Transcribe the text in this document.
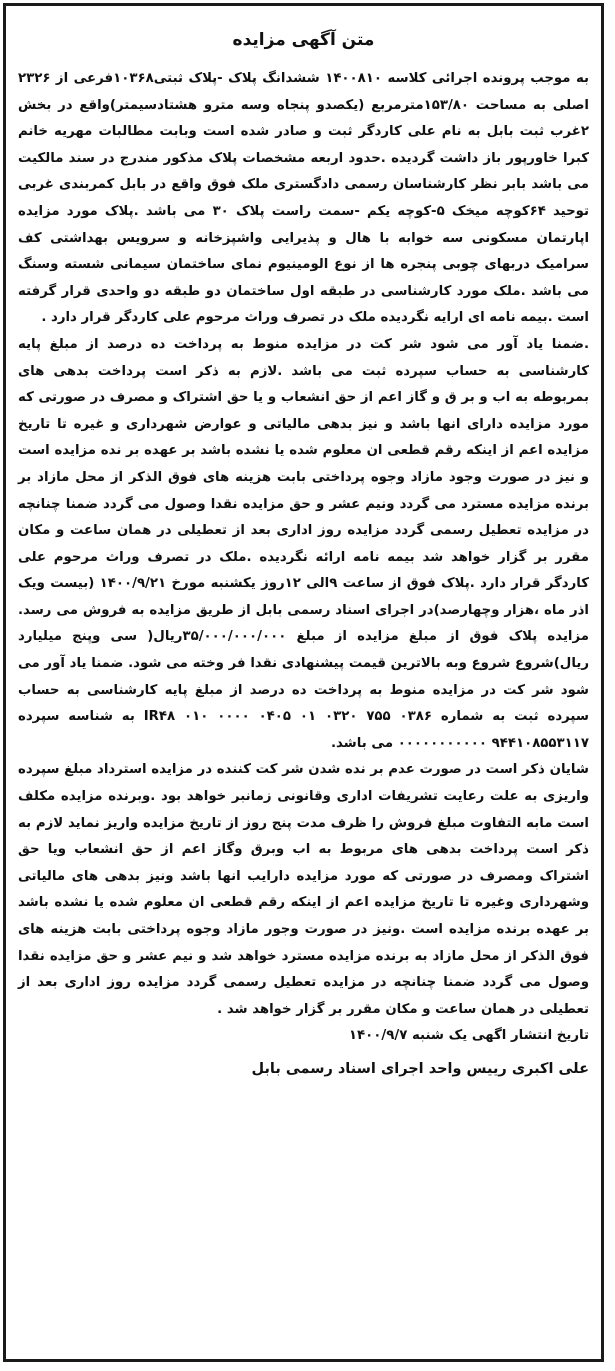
متن آگهی مزایده

به موجب پرونده اجرائی کلاسه ۱۴۰۰۸۱۰ ششدانگ پلاک ‑پلاک ثبتی۱۰۳۶۸فرعی از ۲۳۲۶ اصلی به مساحت ۱۵۳/۸۰مترمربع (یکصدو پنجاه وسه مترو هشتادسیمتر)واقع در بخش ۲غرب ثبت بابل به نام علی کاردگر ثبت و صادر شده است وبابت مطالبات مهریه خانم کبرا خاورپور باز داشت گردیده .حدود اربعه مشخصات پلاک مذکور مندرج در سند مالکیت می باشد بابر نظر کارشناسان رسمی دادگستری ملک فوق واقع در بابل کمربندی غربی توحید ۶۴کوچه میخک ۵-کوچه یکم -سمت راست پلاک ۳۰ می باشد .پلاک مورد مزایده اپارتمان مسکونی سه خوابه با هال و پذیرایی واشپزخانه و سرویس بهداشتی کف سرامیک دربهای چوبی پنجره ها از نوع الومینیوم نمای ساختمان سیمانی شسته وسنگ می باشد .ملک مورد کارشناسی در طبقه اول ساختمان دو طبقه دو واحدی قرار گرفته است .بیمه نامه ای ارایه نگردیده ملک در تصرف وراث مرحوم علی کاردگر قرار دارد .

.ضمنا یاد آور می شود شر کت در مزایده منوط به پرداخت ده درصد از مبلغ پایه کارشناسی به حساب سپرده ثبت می باشد .لازم به ذکر است پرداخت بدهی های بمربوطه به اب و بر ق و گاز اعم از حق انشعاب و یا حق اشتراک و مصرف در صورتی که مورد مزایده دارای انها باشد و نیز بدهی مالیاتی و عوارض شهرداری و غیره تا تاریخ مزایده اعم از اینکه رقم قطعی ان معلوم شده یا نشده باشد بر عهده بر نده مزایده است و نیز در صورت وجود مازاد وجوه پرداختی بابت هزینه های فوق الذکر از محل مازاد بر برنده مزایده مسترد می گردد ونیم عشر و حق مزایده نقدا وصول می گردد ضمنا چنانچه در مزایده تعطیل رسمی گردد مزایده روز اداری بعد از تعطیلی در همان ساعت و مکان مقرر بر گزار خواهد شد بیمه نامه ارائه نگردیده .ملک در تصرف وراث مرحوم علی کاردگر قرار دارد .پلاک فوق از ساعت ۹الی ۱۲روز یکشنبه مورخ ۱۴۰۰/۹/۲۱ (بیست ویک اذر ماه ،هزار وچهارصد)در اجرای اسناد رسمی بابل از طریق مزایده به فروش می رسد. مزایده پلاک فوق از مبلغ مزایده از مبلغ ۳۵/۰۰۰/۰۰۰/۰۰۰ریال( سی وپنج میلیارد ریال)شروع شروع وبه بالاترین قیمت پیشنهادی نقدا فر وخته می شود. ضمنا یاد آور می شود شر کت در مزایده منوط به پرداخت ده درصد از مبلغ پایه کارشناسی به حساب سپرده ثبت به شماره ۰۳۸۶ ۷۵۵ ۰۳۲۰ ۰۱ ۰۴۰۵ ۰۰۰۰ ۰۱۰ IR۴۸ به شناسه سپرده ۹۴۴۱۰۸۵۵۳۱۱۷ ۰۰۰۰۰۰۰۰۰۰۰ می باشد.

شایان ذکر است در صورت عدم بر نده شدن شر کت کننده در مزایده استرداد مبلغ سپرده واریزی به علت رعایت تشریفات اداری وقانونی زمانبر خواهد بود .وبرنده مزایده مکلف است مابه التفاوت مبلغ فروش را ظرف مدت پنج روز از تاریخ مزایده واریز نماید لازم به ذکر است پرداخت بدهی های مربوط به اب وبرق وگاز اعم از حق انشعاب ویا حق اشتراک ومصرف در صورتی که مورد مزایده دارایب انها باشد ونیز بدهی های مالیاتی وشهرداری وغیره تا تاریخ مزایده اعم از اینکه رقم قطعی ان معلوم شده یا نشده باشد بر عهده برنده مزایده است .ونیز در صورت وجور مازاد وجوه پرداختی بابت هزینه های فوق الذکر از محل مازاد به برنده مزایده مسترد خواهد شد و نیم عشر و حق مزایده نقدا وصول می گردد ضمنا چنانچه در مزایده تعطیل رسمی گردد مزایده روز اداری بعد از تعطیلی در همان ساعت و مکان مقرر بر گزار خواهد شد .

تاریخ انتشار اگهی یک شنبه ۱۴۰۰/۹/۷

علی اکبری رییس واحد اجرای اسناد رسمی بابل
